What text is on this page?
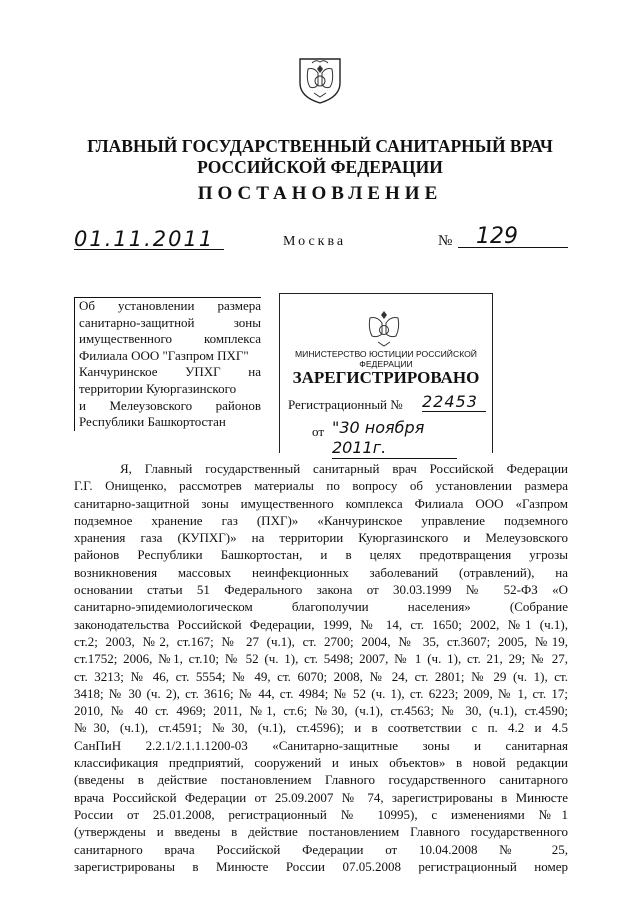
ГЛАВНЫЙ ГОСУДАРСТВЕННЫЙ САНИТАРНЫЙ ВРАЧ
РОССИЙСКОЙ ФЕДЕРАЦИИ
ПОСТАНОВЛЕНИЕ
01.11.2011	Москва	№	129
Об установлении размера
санитарно-защитной зоны
имущественного комплекса
Филиала ООО "Газпром ПХГ"
Канчуринское УПХГ на
территории Куюргазинского
и Мелеузовского районов
Республики Башкортостан
МИНИСТЕРСТВО ЮСТИЦИИ РОССИЙСКОЙ ФЕДЕРАЦИИ
ЗАРЕГИСТРИРОВАНО
Регистрационный № 22453
от "30 ноября 2011г.
Я, Главный государственный санитарный врач Российской Федерации
Г.Г. Онищенко, рассмотрев материалы по вопросу об установлении размера
санитарно-защитной зоны имущественного комплекса Филиала ООО «Газпром
подземное хранение газ (ПХГ)» «Канчуринское управление подземного
хранения газа (КУПХГ)» на территории Куюргазинского и Мелеузовского
районов Республики Башкортостан, и в целях предотвращения угрозы
возникновения массовых неинфекционных заболеваний (отравлений), на
основании статьи 51 Федерального закона от 30.03.1999 № 52-ФЗ «О
санитарно-эпидемиологическом благополучии населения» (Собрание
законодательства Российской Федерации, 1999, № 14, ст. 1650; 2002, №1 (ч.1),
ст.2; 2003, №2, ст.167; № 27 (ч.1), ст. 2700; 2004, № 35, ст.3607; 2005, №19,
ст.1752; 2006, №1, ст.10; № 52 (ч. 1), ст. 5498; 2007, № 1 (ч. 1), ст. 21, 29; № 27,
ст. 3213; № 46, ст. 5554; № 49, ст. 6070; 2008, № 24, ст. 2801; № 29 (ч. 1), ст.
3418; № 30 (ч. 2), ст. 3616; № 44, ст. 4984; № 52 (ч. 1), ст. 6223; 2009, № 1, ст. 17;
2010, № 40 ст. 4969; 2011, №1, ст.6; №30, (ч.1), ст.4563; № 30, (ч.1), ст.4590;
№30, (ч.1), ст.4591; №30, (ч.1), ст.4596); и в соответствии с п. 4.2 и 4.5
СанПиН 2.2.1/2.1.1.1200-03 «Санитарно-защитные зоны и санитарная
классификация предприятий, сооружений и иных объектов» в новой редакции
(введены в действие постановлением Главного государственного санитарного
врача Российской Федерации от 25.09.2007 № 74, зарегистрированы в Минюсте
России от 25.01.2008, регистрационный № 10995), с изменениями №1
(утверждены и введены в действие постановлением Главного государственного
санитарного врача Российской Федерации от 10.04.2008 № 25,
зарегистрированы в Минюсте России 07.05.2008 регистрационный номер
